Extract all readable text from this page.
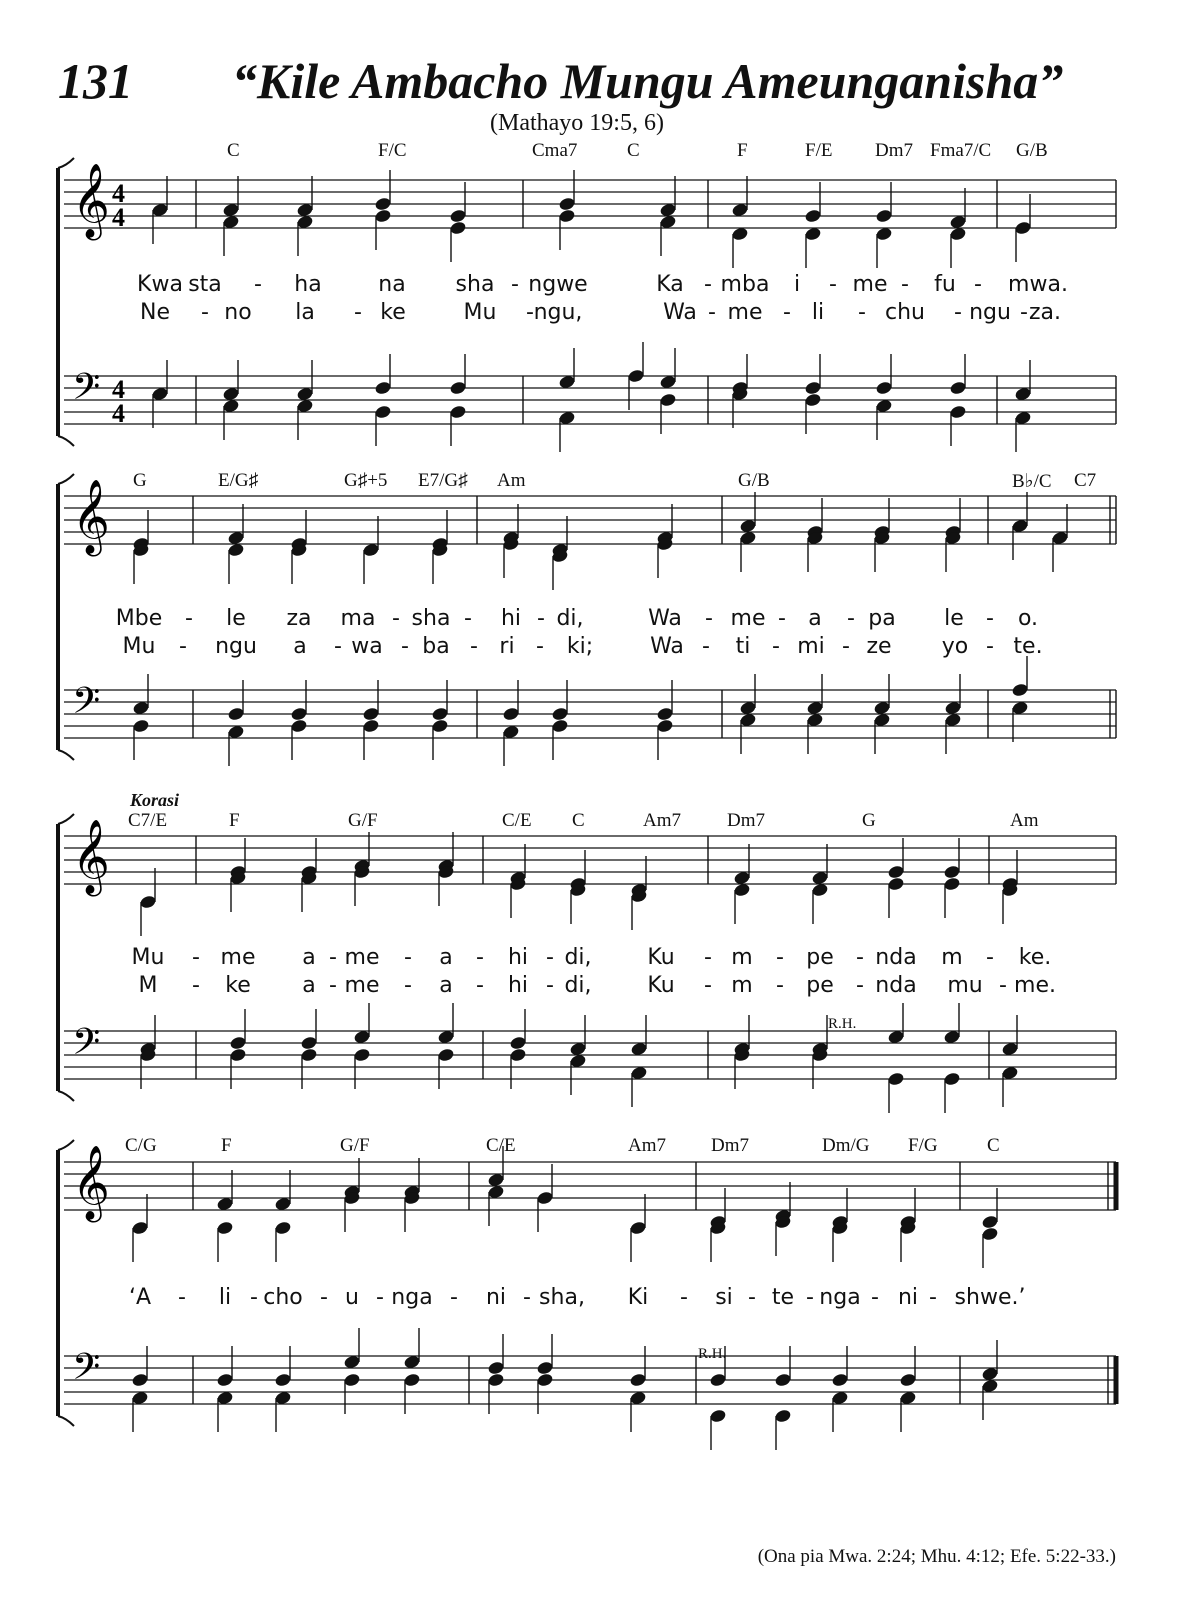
131 “Kile Ambacho Mungu Ameunganisha”
(Mathayo 19:5, 6)
𝄞
𝄢
4
4
4
4
𝄞
𝄢
𝄞
𝄢
𝄞
𝄢
C	F/C	Cma7	C	F	F/E Dm7 Fma7/C G/B
Kwa sta - ha	na sha - ngwe	Ka - mba i - me - fu - mwa.
Ne - no la - ke	Mu - ngu,	Wa - me - li - chu - ngu - za.
G	E/G♯	G♯+5 E7/G♯ Am	G/B	B♭/C C7
Mbe - le za ma - sha - hi - di,	Wa - me - a - pa le - o.
Mu - ngu a - wa - ba - ri - ki;	Wa - ti - mi - ze yo - te.
C7/E	F	G/F	C/E C	Am7 Dm7	G	Am
Mu - me a - me - a - hi - di,	Ku - m - pe - nda m - ke.
M - ke a - me - a - hi - di,	Ku - m - pe - nda mu - me.
C/G	F	G/F	C/E	Am7 Dm7	Dm/G F/G	C
‘A - li - cho - u - nga - ni - sha, Ki - si - te - nga - ni - shwe.’
Korasi
R.H.
R.H.
(Ona pia Mwa. 2:24; Mhu. 4:12; Efe. 5:22-33.)
